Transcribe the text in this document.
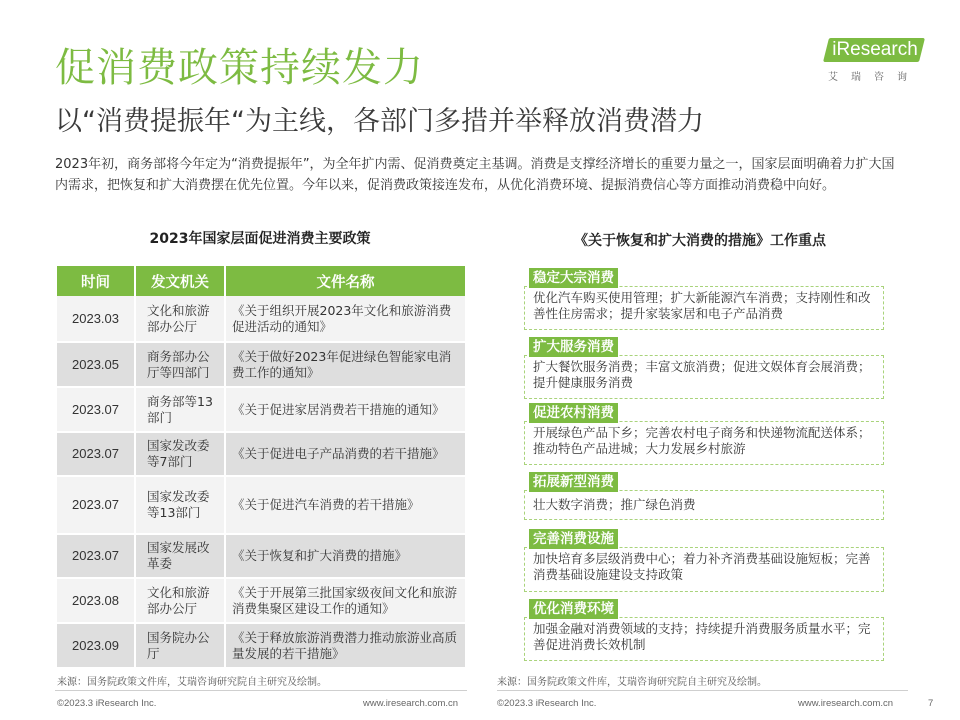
促消费政策持续发力
以“消费提振年“为主线，各部门多措并举释放消费潜力
iResearch
艾瑞咨询
2023年初，商务部将今年定为“消费提振年”，为全年扩内需、促消费奠定主基调。消费是支撑经济增长的重要力量之一，国家层面明确着力扩大国内需求，把恢复和扩大消费摆在优先位置。今年以来，促消费政策接连发布，从优化消费环境、提振消费信心等方面推动消费稳中向好。
2023年国家层面促进消费主要政策	《关于恢复和扩大消费的措施》工作重点
时间	发文机关	文件名称
2023.03	文化和旅游部办公厅	《关于组织开展2023年文化和旅游消费促进活动的通知》
2023.05	商务部办公厅等四部门	《关于做好2023年促进绿色智能家电消费工作的通知》
2023.07	商务部等13部门	《关于促进家居消费若干措施的通知》
2023.07	国家发改委等7部门	《关于促进电子产品消费的若干措施》
2023.07	国家发改委等13部门	《关于促进汽车消费的若干措施》
2023.07	国家发展改革委	《关于恢复和扩大消费的措施》
2023.08	文化和旅游部办公厅	《关于开展第三批国家级夜间文化和旅游消费集聚区建设工作的通知》
2023.09	国务院办公厅	《关于释放旅游消费潜力推动旅游业高质量发展的若干措施》
优化汽车购买使用管理；扩大新能源汽车消费；支持刚性和改善性住房需求；提升家装家居和电子产品消费
稳定大宗消费
扩大餐饮服务消费；丰富文旅消费；促进文娱体育会展消费；提升健康服务消费
扩大服务消费
开展绿色产品下乡；完善农村电子商务和快递物流配送体系；推动特色产品进城；大力发展乡村旅游
促进农村消费
壮大数字消费；推广绿色消费
拓展新型消费
加快培育多层级消费中心；着力补齐消费基础设施短板；完善消费基础设施建设支持政策
完善消费设施
加强金融对消费领域的支持；持续提升消费服务质量水平；完善促进消费长效机制
优化消费环境
来源：国务院政策文件库，艾瑞咨询研究院自主研究及绘制。	来源：国务院政策文件库，艾瑞咨询研究院自主研究及绘制。
©2023.3 iResearch Inc.	www.iresearch.com.cn	©2023.3 iResearch Inc.	www.iresearch.com.cn	7
